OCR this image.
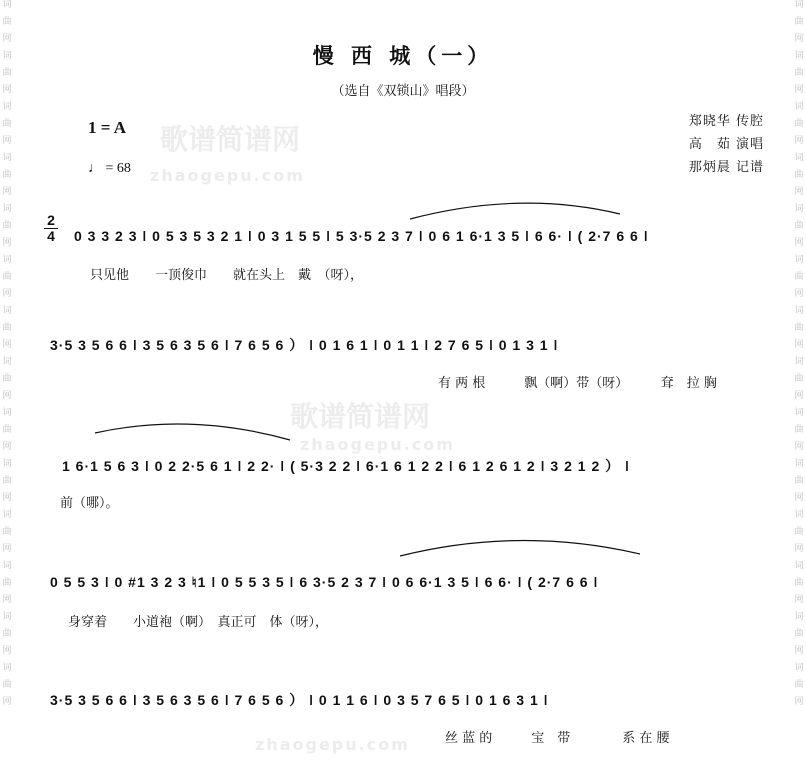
词
曲
网
词
曲
网
词
曲
网
词
曲
网
词
曲
网
词
曲
网
词
曲
网
词
曲
网
词
曲
网
词
曲
网
词
曲
网
词
曲
网
词
曲
网
词
曲
网
词
曲
网
词
曲
网
词
曲
网
词
曲
网
词
曲
网
词
曲
网
词
曲
网
词
曲
网
词
曲
网
词
曲
网
词
曲
网
词
曲
网
词
曲
网
词
曲
网
歌谱简谱网
zhaogepu.com
歌谱简谱网
zhaogepu.com
zhaogepu.com
慢 西 城（一）
（选自《双锁山》唱段）
1 = A
♩ = 68
郑晓华 传腔
高　茹 演唱
那炳晨 记谱
2
4 0 3 3 2 3 ǀ 0 5 3 5 3 2 1 ǀ 0 3 1 5 5 ǀ 5 3·5 2 3 7 ǀ 0 6 1 6·1 3 5 ǀ 6 6· ǀ ( 2·7 6 6 ǀ
只见他　　一顶俊巾　　就在头上　戴　（呀），
3·5 3 5 6 6 ǀ 3 5 6 3 5 6 ǀ 7 6 5 6 ） ǀ 0 1 6 1 ǀ 0 1 1 ǀ 2 7 6 5 ǀ 0 1 3 1 ǀ
有 两 根　　　飘（啊）带（呀）　　　耷　拉 胸
1 6·1 5 6 3 ǀ 0 2 2·5 6 1 ǀ 2 2· ǀ ( 5·3 2 2 ǀ 6·1 6 1 2 2 ǀ 6 1 2 6 1 2 ǀ 3 2 1 2 ） ǀ
前（哪）。
0 5 5 3 ǀ 0 #1 3 2 3 ♮1 ǀ 0 5 5 3 5 ǀ 6 3·5 2 3 7 ǀ 0 6 6·1 3 5 ǀ 6 6· ǀ ( 2·7 6 6 ǀ
身穿着　　小道袍（啊）　真正可　体（呀），
3·5 3 5 6 6 ǀ 3 5 6 3 5 6 ǀ 7 6 5 6 ） ǀ 0 1 1 6 ǀ 0 3 5 7 6 5 ǀ 0 1 6 3 1 ǀ
丝 蓝 的　　　宝　带　　　　系 在 腰
